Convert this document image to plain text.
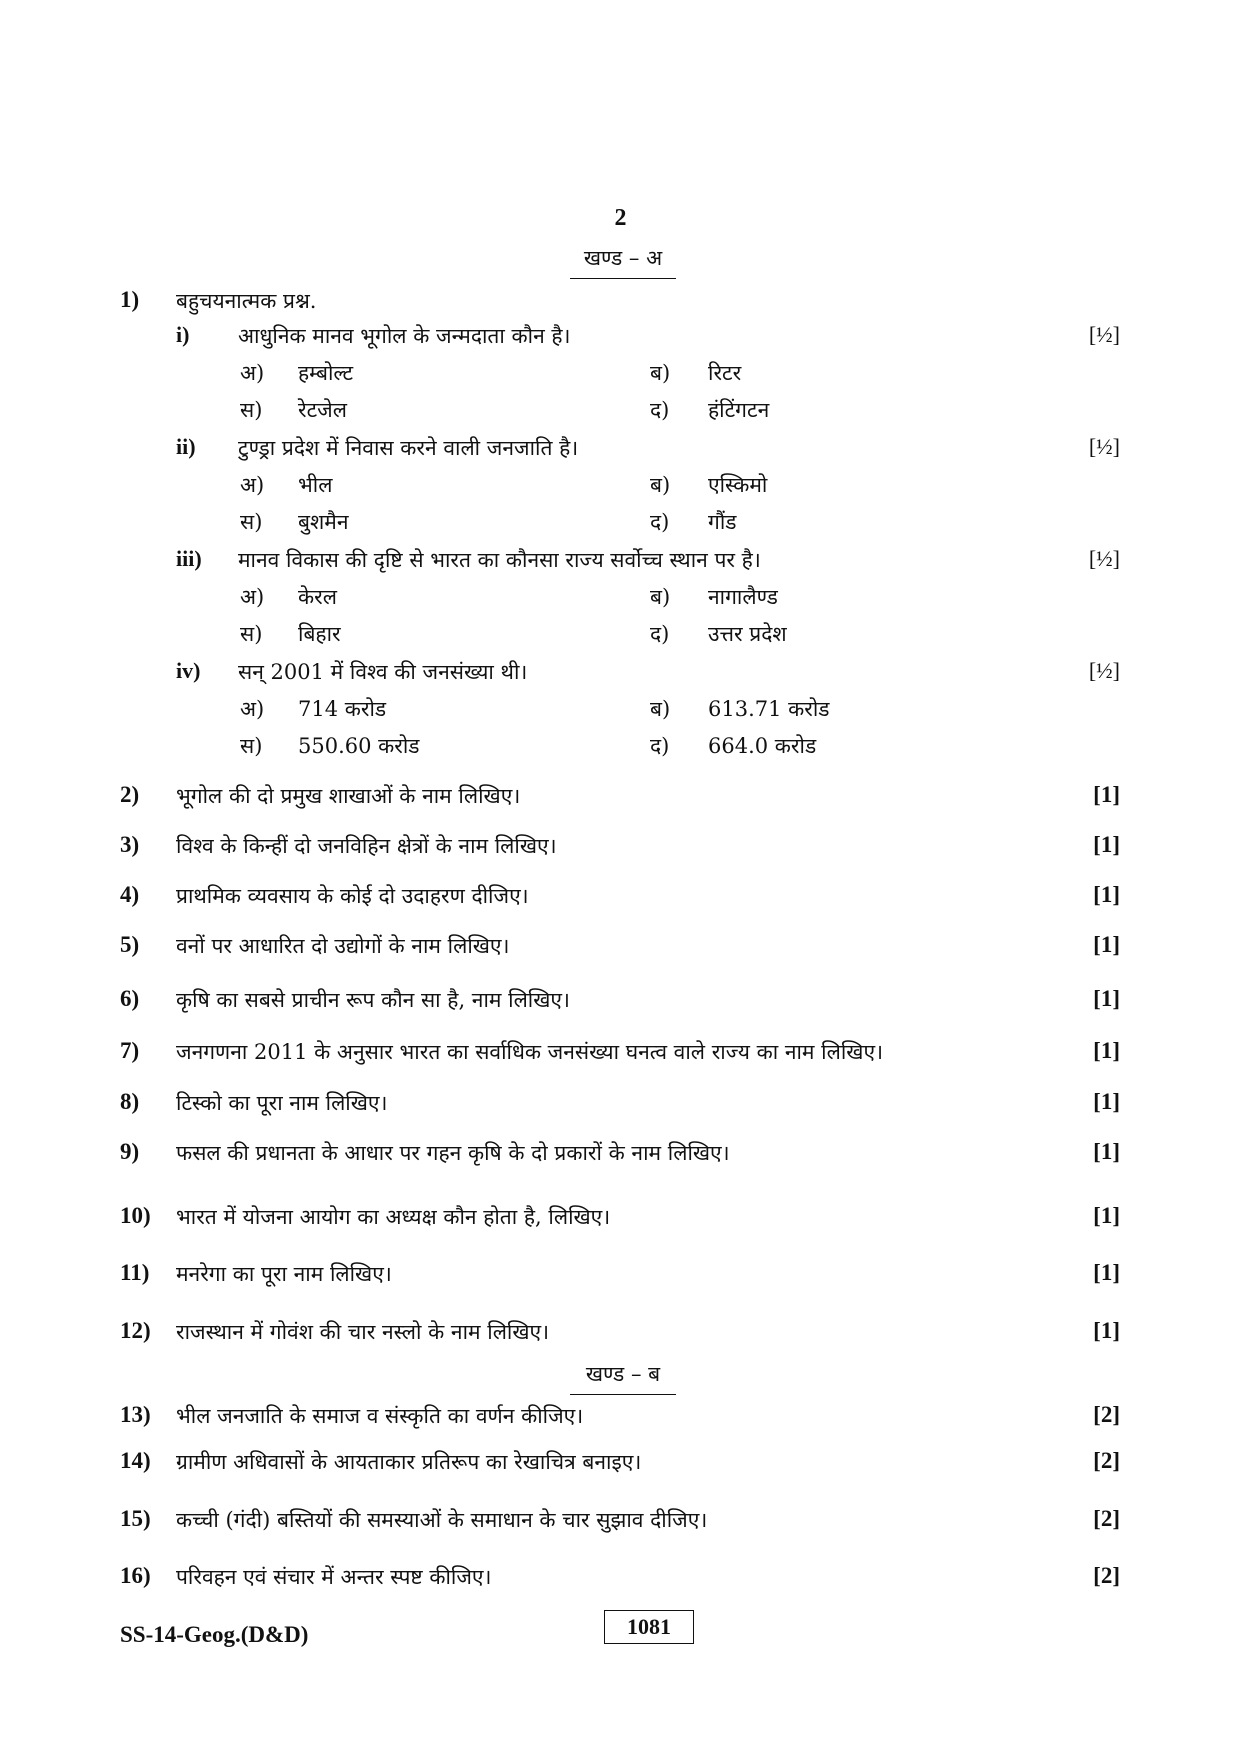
2
खण्ड – अ
1) बहुचयनात्मक प्रश्न.
i) आधुनिक मानव भूगोल के जन्मदाता कौन है।	[½]
अ) हम्बोल्ट	ब) रिटर
स) रेटजेल	द) हंटिंगटन
ii) टुण्ड्रा प्रदेश में निवास करने वाली जनजाति है।	[½]
अ) भील	ब) एस्किमो
स) बुशमैन	द) गौंड
iii) मानव विकास की दृष्टि से भारत का कौनसा राज्य सर्वोच्च स्थान पर है।	[½]
अ) केरल	ब) नागालैण्ड
स) बिहार	द) उत्तर प्रदेश
iv) सन् 2001 में विश्व की जनसंख्या थी।	[½]
अ) 714 करोड	ब) 613.71 करोड
स) 550.60 करोड	द) 664.0 करोड
2) भूगोल की दो प्रमुख शाखाओं के नाम लिखिए।	[1]
3) विश्व के किन्हीं दो जनविहिन क्षेत्रों के नाम लिखिए।	[1]
4) प्राथमिक व्यवसाय के कोई दो उदाहरण दीजिए।	[1]
5) वनों पर आधारित दो उद्योगों के नाम लिखिए।	[1]
6) कृषि का सबसे प्राचीन रूप कौन सा है, नाम लिखिए।	[1]
7) जनगणना 2011 के अनुसार भारत का सर्वाधिक जनसंख्या घनत्व वाले राज्य का नाम लिखिए।	[1]
8) टिस्को का पूरा नाम लिखिए।	[1]
9) फसल की प्रधानता के आधार पर गहन कृषि के दो प्रकारों के नाम लिखिए।	[1]
10) भारत में योजना आयोग का अध्यक्ष कौन होता है, लिखिए।	[1]
11) मनरेगा का पूरा नाम लिखिए।	[1]
12) राजस्थान में गोवंश की चार नस्लो के नाम लिखिए।	[1]
खण्ड – ब
13) भील जनजाति के समाज व संस्कृति का वर्णन कीजिए।	[2]
14) ग्रामीण अधिवासों के आयताकार प्रतिरूप का रेखाचित्र बनाइए।	[2]
15) कच्ची (गंदी) बस्तियों की समस्याओं के समाधान के चार सुझाव दीजिए।	[2]
16) परिवहन एवं संचार में अन्तर स्पष्ट कीजिए।	[2]
SS-14-Geog.(D&D)	1081
